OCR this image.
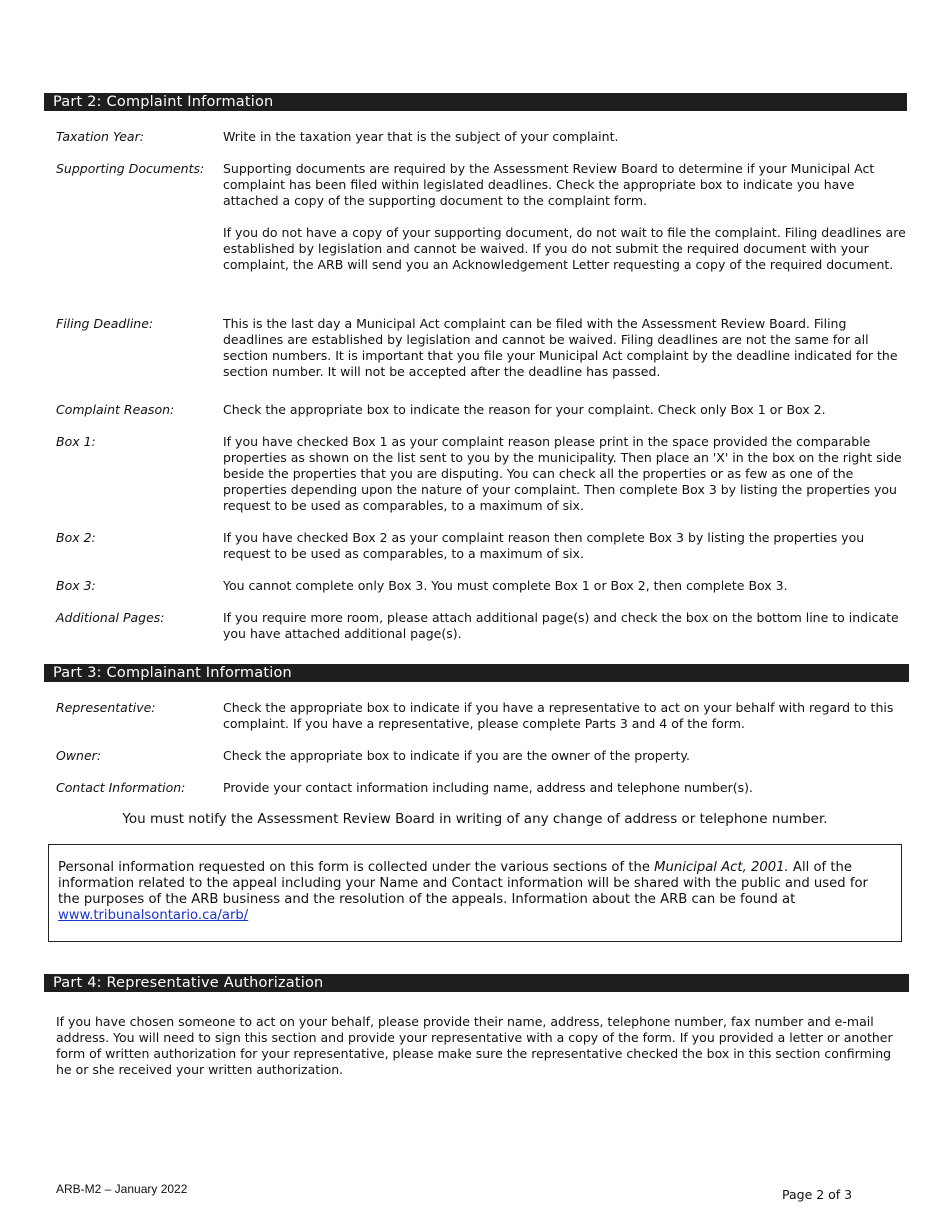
Part 2: Complaint Information
Taxation Year:	Write in the taxation year that is the subject of your complaint.

Supporting Documents: Supporting documents are required by the Assessment Review Board to determine if your Municipal Act complaint has been filed within legislated deadlines. Check the appropriate box to indicate you have attached a copy of the supporting document to the complaint form.

If you do not have a copy of your supporting document, do not wait to file the complaint. Filing deadlines are established by legislation and cannot be waived. If you do not submit the required document with your complaint, the ARB will send you an Acknowledgement Letter requesting a copy of the required document.

Filing Deadline:	This is the last day a Municipal Act complaint can be filed with the Assessment Review Board. Filing deadlines are established by legislation and cannot be waived. Filing deadlines are not the same for all section numbers. It is important that you file your Municipal Act complaint by the deadline indicated for the section number. It will not be accepted after the deadline has passed.

Complaint Reason:	Check the appropriate box to indicate the reason for your complaint. Check only Box 1 or Box 2.

Box 1:	If you have checked Box 1 as your complaint reason please print in the space provided the comparable properties as shown on the list sent to you by the municipality. Then place an 'X' in the box on the right side beside the properties that you are disputing. You can check all the properties or as few as one of the properties depending upon the nature of your complaint. Then complete Box 3 by listing the properties you request to be used as comparables, to a maximum of six.

Box 2:	If you have checked Box 2 as your complaint reason then complete Box 3 by listing the properties you request to be used as comparables, to a maximum of six.

Box 3:	You cannot complete only Box 3. You must complete Box 1 or Box 2, then complete Box 3.

Additional Pages:	If you require more room, please attach additional page(s) and check the box on the bottom line to indicate you have attached additional page(s).

Part 3: Complainant Information
Representative:	Check the appropriate box to indicate if you have a representative to act on your behalf with regard to this complaint. If you have a representative, please complete Parts 3 and 4 of the form.

Owner:	Check the appropriate box to indicate if you are the owner of the property.

Contact Information:	Provide your contact information including name, address and telephone number(s).

You must notify the Assessment Review Board in writing of any change of address or telephone number.
Personal information requested on this form is collected under the various sections of the Municipal Act, 2001. All of the information related to the appeal including your Name and Contact information will be shared with the public and used for the purposes of the ARB business and the resolution of the appeals. Information about the ARB can be found at www.tribunalsontario.ca/arb/
Part 4: Representative Authorization
If you have chosen someone to act on your behalf, please provide their name, address, telephone number, fax number and e-mail address. You will need to sign this section and provide your representative with a copy of the form. If you provided a letter or another form of written authorization for your representative, please make sure the representative checked the box in this section confirming he or she received your written authorization.
ARB-M2 – January 2022	Page 2 of 3
